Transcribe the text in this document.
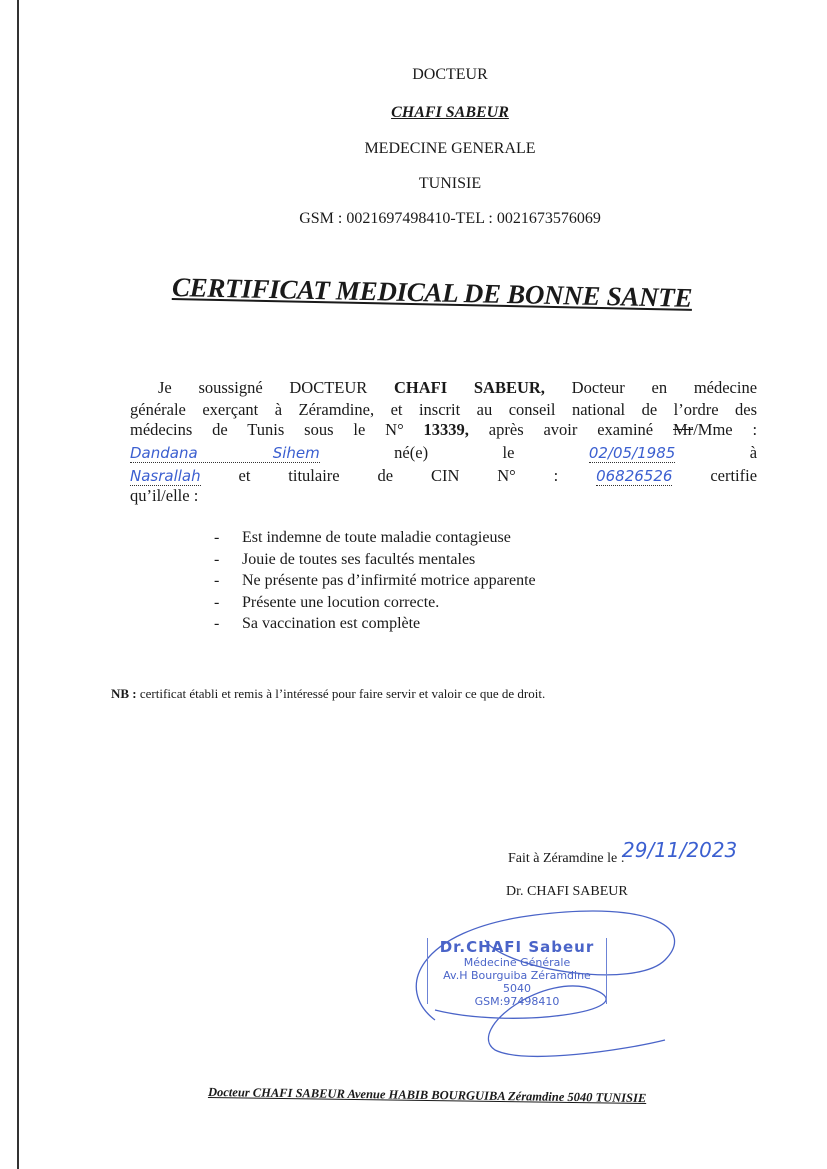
DOCTEUR
CHAFI SABEUR
MEDECINE GENERALE
TUNISIE
GSM : 0021697498410-TEL : 0021673576069
CERTIFICAT MEDICAL DE BONNE SANTE
Je soussigné DOCTEUR CHAFI SABEUR, Docteur en médecine
générale exerçant à Zéramdine, et inscrit au conseil national de l’ordre des
médecins de Tunis sous le N° 13339, après avoir examiné Mr/Mme :
Dandana Sihem	né(e)	le	02/05/1985	à
Nasrallah et titulaire de CIN N° :	06826526 certifie
qu’il/elle :
- Est indemne de toute maladie contagieuse
- Jouie de toutes ses facultés mentales
- Ne présente pas d’infirmité motrice apparente
- Présente une locution correcte.
- Sa vaccination est complète
NB : certificat établi et remis à l’intéressé pour faire servir et valoir ce que de droit.
Fait à Zéramdine le :
29/11/2023
Dr. CHAFI SABEUR
Dr.CHAFI Sabeur
Médecine Générale
Av.H Bourguiba Zéramdine 5040
GSM:97498410
Docteur CHAFI SABEUR Avenue HABIB BOURGUIBA Zéramdine 5040 TUNISIE
